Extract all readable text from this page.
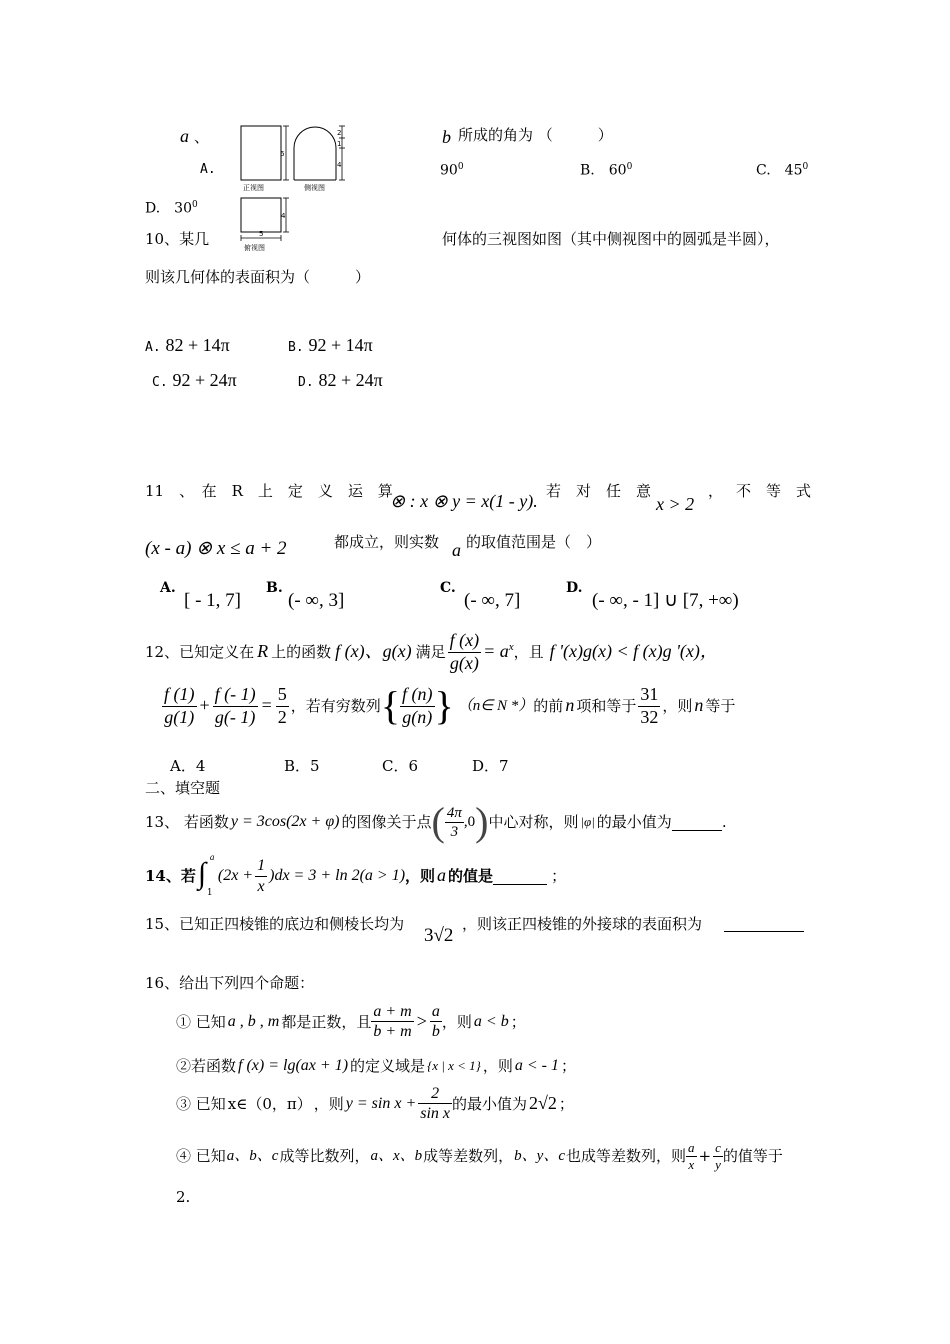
a 、	b 所成的角为 （　　　）
A.	$90^0$	B.　$60^0$	C.　$45^0$
D.　$30^0$
6
正视图
2
1
4
侧视图
4
5
俯视图
10、某几	何体的三视图如图（其中侧视图中的圆弧是半圆），
则该几何体的表面积为（　　　）
A. 82 + 14π	B. 92 + 14π
C. 92 + 24π	D. 82 + 24π
11　、　在　R　上　定　义　运　算
⊗ : x ⊗ y = x(1 - y). 若　对　任　意
x > 2
， 不　等　式
(x - a) ⊗ x ≤ a + 2	都成立，则实数 a 的取值范围是（　）
A.
[ - 1, 7]
B.
(- ∞, 3]
C.
(- ∞, 7]
D.
(- ∞, - 1] ∪ [7, +∞)
12、已知定义在 R 上的函数 f (x)、g(x) 满足 $\frac{f (x)}{g(x)} = a^x$ ，且 f '(x)g(x) < f (x)g '(x)，
$\frac{f (1)}{g(1)} + \frac{f (- 1)}{g(- 1)} = \frac{5}{2}$ ，若有穷数列 { $\frac{f (n)}{g(n)}$ } （n∈ N *） 的前 n 项和等于 $\frac{31}{32}$ ，则 n 等于
A．4	B．5	C．6	D．7
二、填空题
13、 若函数 y = 3cos(2x + φ) 的图像关于点 ( $\frac{4\pi}{3} ,0$ ) 中心对称，则 |φ| 的最小值为	.
14、若 ∫ a
1
$(2x + \frac{1}{x} )dx = 3 + \ln 2(a > 1)$ ，则 a 的值是	；
15、已知正四棱锥的底边和侧棱长均为
3√2
，则该正四棱锥的外接球的表面积为
16、给出下列四个命题：
① 已知 a , b , m 都是正数，且 $\frac{a + m}{b + m} > \frac{a}{b}$ ，则 a < b ；
②若函数 f (x) = lg(ax + 1) 的定义域是 {x | x < 1} ，则 a < - 1 ；
③ 已知 x∈（0，π） ，则 $y = \sin x + \frac{2}{\text{sin x}}$ 的最小值为 2√2 ；
④ 已知 a、b、c 成等比数列， a、x、b 成等差数列， b、y、c 也成等差数列，则 $\frac{a}{x} + \frac{c}{y}$ 的值等于
2.
